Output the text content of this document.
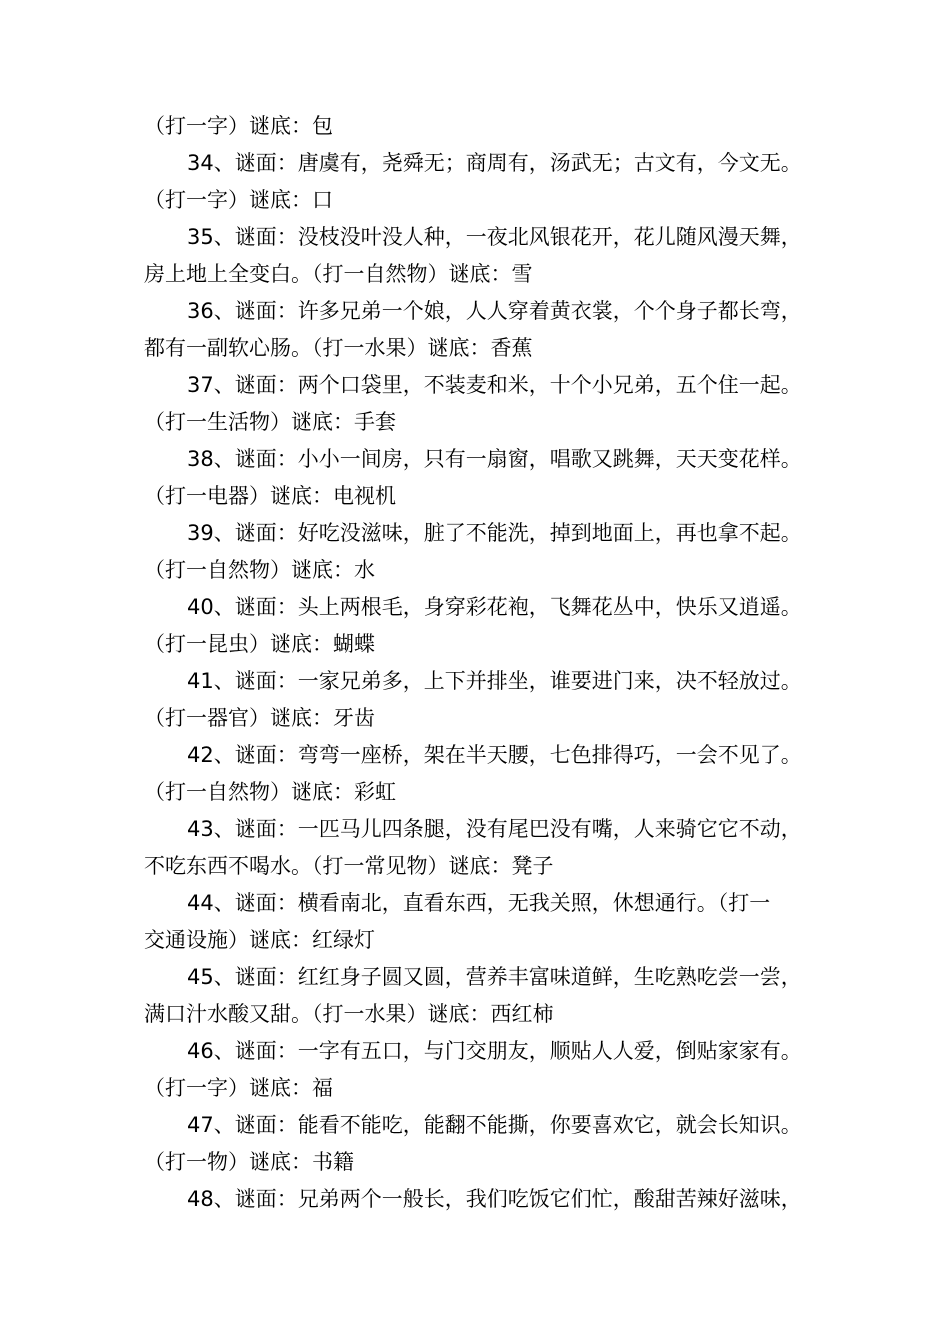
（打一字）谜底：包
34、谜面：唐虞有，尧舜无；商周有，汤武无；古文有，今文无。
（打一字）谜底：口
35、谜面：没枝没叶没人种，一夜北风银花开，花儿随风漫天舞，
房上地上全变白。（打一自然物）谜底：雪
36、谜面：许多兄弟一个娘，人人穿着黄衣裳，个个身子都长弯，
都有一副软心肠。（打一水果）谜底：香蕉
37、谜面：两个口袋里，不装麦和米，十个小兄弟，五个住一起。
（打一生活物）谜底：手套
38、谜面：小小一间房，只有一扇窗，唱歌又跳舞，天天变花样。
（打一电器）谜底：电视机
39、谜面：好吃没滋味，脏了不能洗，掉到地面上，再也拿不起。
（打一自然物）谜底：水
40、谜面：头上两根毛，身穿彩花袍，飞舞花丛中，快乐又逍遥。
（打一昆虫）谜底：蝴蝶
41、谜面：一家兄弟多，上下并排坐，谁要进门来，决不轻放过。
（打一器官）谜底：牙齿
42、谜面：弯弯一座桥，架在半天腰，七色排得巧，一会不见了。
（打一自然物）谜底：彩虹
43、谜面：一匹马儿四条腿，没有尾巴没有嘴，人来骑它它不动，
不吃东西不喝水。（打一常见物）谜底：凳子
44、谜面：横看南北，直看东西，无我关照，休想通行。（打一
交通设施）谜底：红绿灯
45、谜面：红红身子圆又圆，营养丰富味道鲜，生吃熟吃尝一尝，
满口汁水酸又甜。（打一水果）谜底：西红柿
46、谜面：一字有五口，与门交朋友，顺贴人人爱，倒贴家家有。
（打一字）谜底：福
47、谜面：能看不能吃，能翻不能撕，你要喜欢它，就会长知识。
（打一物）谜底：书籍
48、谜面：兄弟两个一般长，我们吃饭它们忙，酸甜苦辣好滋味，
